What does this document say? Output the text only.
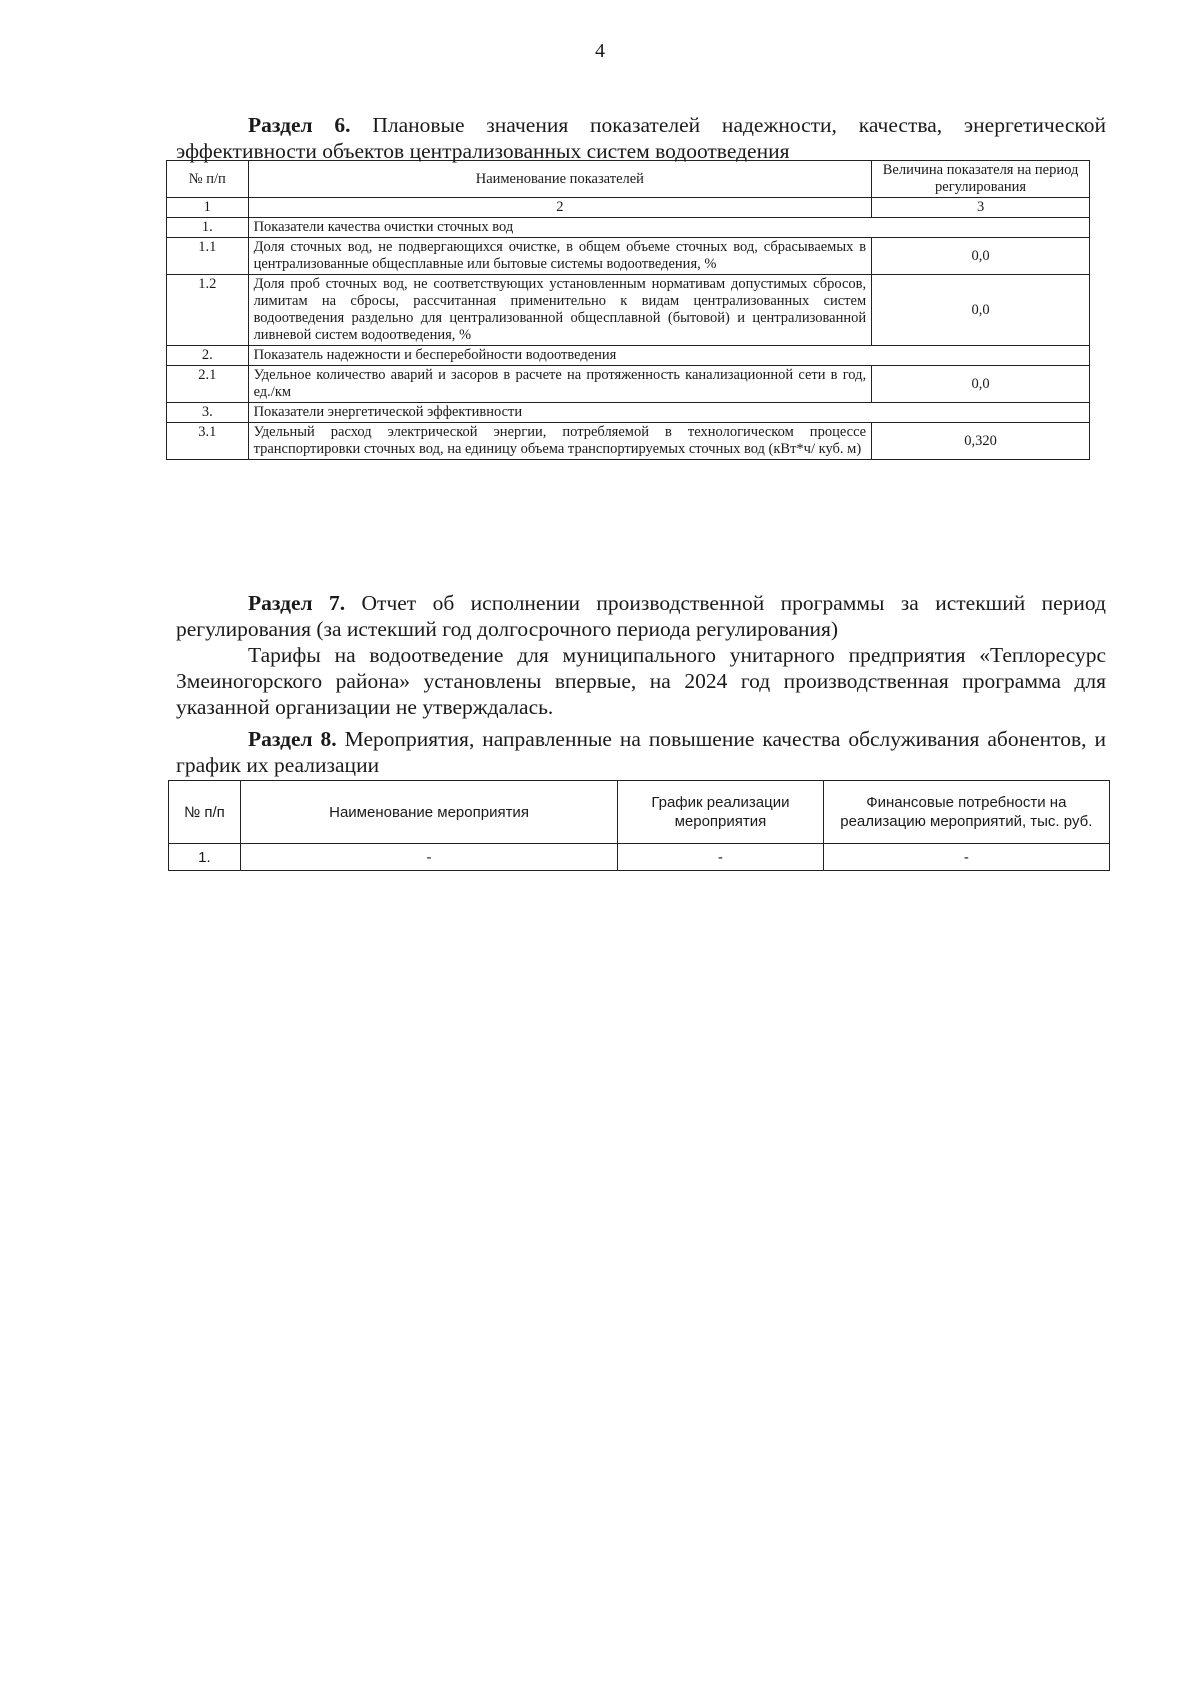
4
Раздел 6. Плановые значения показателей надежности, качества, энергетической эффективности объектов централизованных систем водоотведения
№ п/п	Наименование показателей	Величина показателя на период регулирования
1	2	3
1.	Показатели качества очистки сточных вод	
1.1	Доля сточных вод, не подвергающихся очистке, в общем объеме сточных вод, сбрасываемых в централизованные общесплавные или бытовые системы водоотведения, %	0,0
1.2	Доля проб сточных вод, не соответствующих установленным нормативам допустимых сбросов, лимитам на сбросы, рассчитанная применительно к видам централизованных систем водоотведения раздельно для централизованной общесплавной (бытовой) и централизованной ливневой систем водоотведения, %	0,0
2.	Показатель надежности и бесперебойности водоотведения	
2.1	Удельное количество аварий и засоров в расчете на протяженность канализационной сети в год, ед./км	0,0
3.	Показатели энергетической эффективности	
3.1	Удельный расход электрической энергии, потребляемой в технологическом процессе транспортировки сточных вод, на единицу объема транспортируемых сточных вод (кВт*ч/ куб. м)	0,320
Раздел 7. Отчет об исполнении производственной программы за истекший период регулирования (за истекший год долгосрочного периода регулирования)
Тарифы на водоотведение для муниципального унитарного предприятия «Теплоресурс Змеиногорского района» установлены впервые, на 2024 год производственная программа для указанной организации не утверждалась.
Раздел 8. Мероприятия, направленные на повышение качества обслуживания абонентов, и график их реализации
№ п/п	Наименование мероприятия	График реализации мероприятия	Финансовые потребности на реализацию мероприятий, тыс. руб.
1.	-	-	-
